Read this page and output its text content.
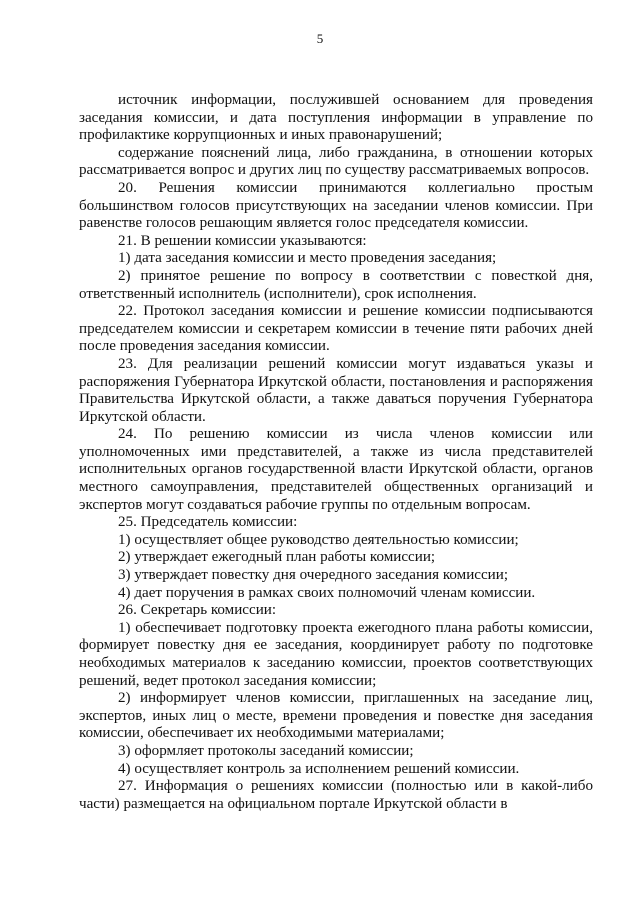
5

источник информации, послужившей основанием для проведения заседания комиссии, и дата поступления информации в управление по профилактике коррупционных и иных правонарушений;

содержание пояснений лица, либо гражданина, в отношении которых рассматривается вопрос и других лиц по существу рассматриваемых вопросов.

20. Решения комиссии принимаются коллегиально простым большинством голосов присутствующих на заседании членов комиссии. При равенстве голосов решающим является голос председателя комиссии.

21. В решении комиссии указываются:

1) дата заседания комиссии и место проведения заседания;

2) принятое решение по вопросу в соответствии с повесткой дня, ответственный исполнитель (исполнители), срок исполнения.

22. Протокол заседания комиссии и решение комиссии подписываются председателем комиссии и секретарем комиссии в течение пяти рабочих дней после проведения заседания комиссии.

23. Для реализации решений комиссии могут издаваться указы и распоряжения Губернатора Иркутской области, постановления и распоряжения Правительства Иркутской области, а также даваться поручения Губернатора Иркутской области.

24. По решению комиссии из числа членов комиссии или уполномоченных ими представителей, а также из числа представителей исполнительных органов государственной власти Иркутской области, органов местного самоуправления, представителей общественных организаций и экспертов могут создаваться рабочие группы по отдельным вопросам.

25. Председатель комиссии:

1) осуществляет общее руководство деятельностью комиссии;

2) утверждает ежегодный план работы комиссии;

3) утверждает повестку дня очередного заседания комиссии;

4) дает поручения в рамках своих полномочий членам комиссии.

26. Секретарь комиссии:

1) обеспечивает подготовку проекта ежегодного плана работы комиссии, формирует повестку дня ее заседания, координирует работу по подготовке необходимых материалов к заседанию комиссии, проектов соответствующих решений, ведет протокол заседания комиссии;

2) информирует членов комиссии, приглашенных на заседание лиц, экспертов, иных лиц о месте, времени проведения и повестке дня заседания комиссии, обеспечивает их необходимыми материалами;

3) оформляет протоколы заседаний комиссии;

4) осуществляет контроль за исполнением решений комиссии.

27. Информация о решениях комиссии (полностью или в какой-либо части) размещается на официальном портале Иркутской области в
